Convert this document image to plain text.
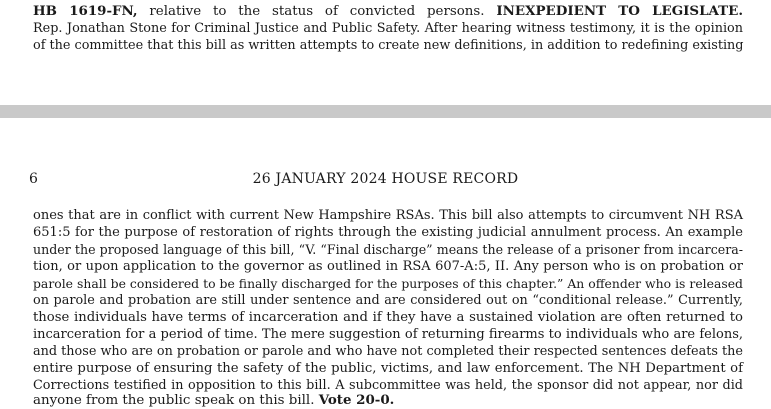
HB 1619-FN, relative to the status of convicted persons. INEXPEDIENT TO LEGISLATE.

Rep. Jonathan Stone for Criminal Justice and Public Safety. After hearing witness testimony, it is the opinion

of the committee that this bill as written attempts to create new definitions, in addition to redefining existing

6	26 JANUARY 2024 HOUSE RECORD

ones that are in conflict with current New Hampshire RSAs. This bill also attempts to circumvent NH RSA

651:5 for the purpose of restoration of rights through the existing judicial annulment process. An example

under the proposed language of this bill, “V. “Final discharge” means the release of a prisoner from incarcera-

tion, or upon application to the governor as outlined in RSA 607-A:5, II. Any person who is on probation or

parole shall be considered to be finally discharged for the purposes of this chapter.” An offender who is released

on parole and probation are still under sentence and are considered out on “conditional release.” Currently,

those individuals have terms of incarceration and if they have a sustained violation are often returned to

incarceration for a period of time. The mere suggestion of returning firearms to individuals who are felons,

and those who are on probation or parole and who have not completed their respected sentences defeats the

entire purpose of ensuring the safety of the public, victims, and law enforcement. The NH Department of

Corrections testified in opposition to this bill. A subcommittee was held, the sponsor did not appear, nor did

anyone from the public speak on this bill. Vote 20-0.
